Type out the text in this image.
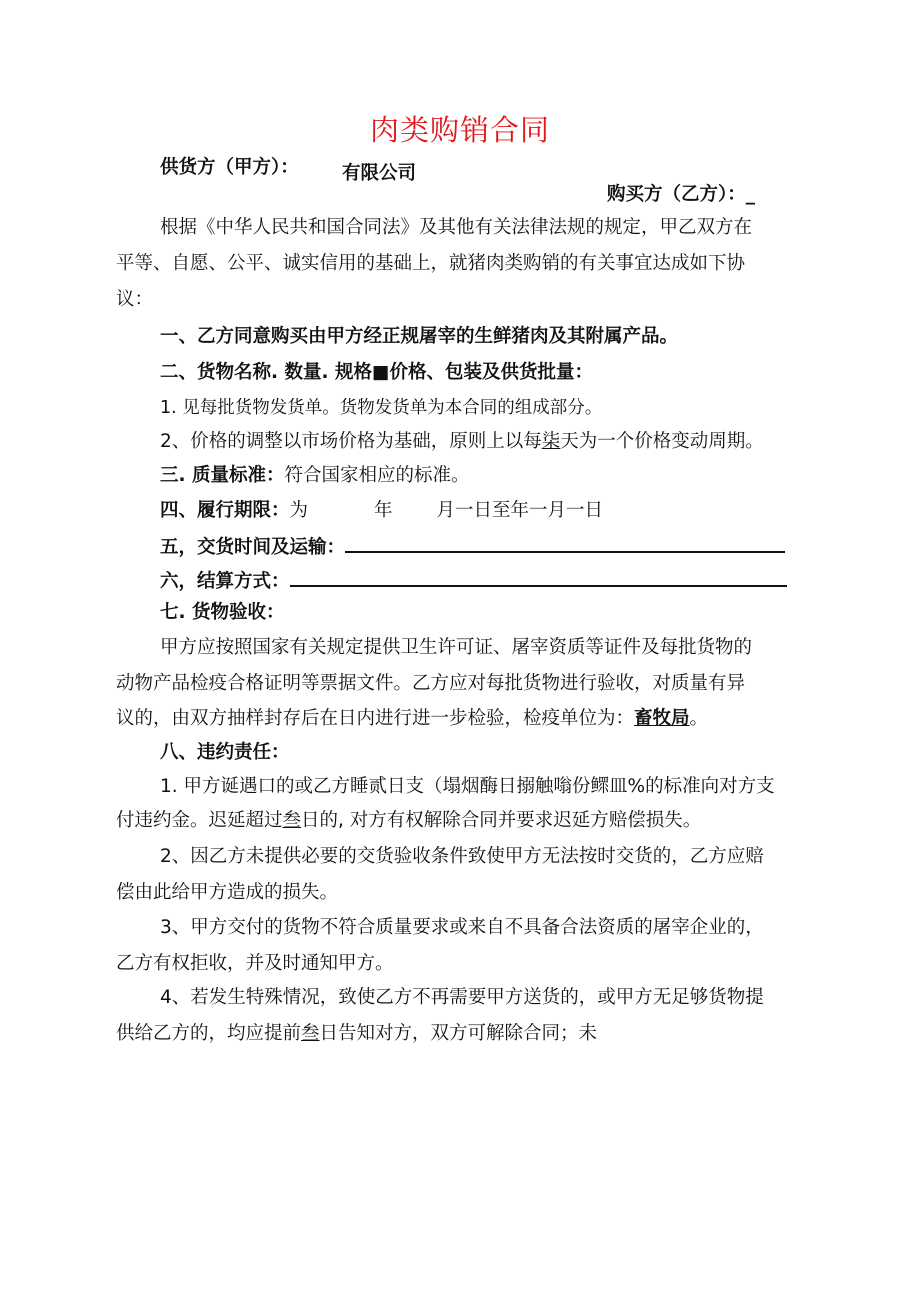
肉类购销合同
供货方（甲方）： 有限公司
购买方（乙方）：_
根据《中华人民共和国合同法》及其他有关法律法规的规定，甲乙双方在
平等、自愿、公平、诚实信用的基础上，就猪肉类购销的有关事宜达成如下协
议：
一、乙方同意购买由甲方经正规屠宰的生鲜猪肉及其附属产品。
二、货物名称. 数量. 规格■价格、包装及供货批量：
1. 见每批货物发货单。货物发货单为本合同的组成部分。
2、价格的调整以市场价格为基础，原则上以每柒天为一个价格变动周期。
三. 质量标准：符合国家相应的标准。
四、履行期限：为	年 月一日至年一月一日
五，交货时间及运输：
六，结算方式：
七. 货物验收：
甲方应按照国家有关规定提供卫生许可证、屠宰资质等证件及每批货物的
动物产品检疫合格证明等票据文件。乙方应对每批货物进行验收，对质量有异
议的，由双方抽样封存后在日内进行进一步检验，检疫单位为：畜牧局。
八、违约责任：
1. 甲方诞遇口的或乙方睡贰日支（塌烟酶日搦触嗡份鳏皿%的标准向对方支
付违约金。迟延超过叁日的, 对方有权解除合同并要求迟延方赔偿损失。
2、因乙方未提供必要的交货验收条件致使甲方无法按时交货的，乙方应赔
偿由此给甲方造成的损失。
3、甲方交付的货物不符合质量要求或来自不具备合法资质的屠宰企业的，
乙方有权拒收，并及时通知甲方。
4、若发生特殊情况，致使乙方不再需要甲方送货的，或甲方无足够货物提
供给乙方的，均应提前叁日告知对方，双方可解除合同；未
